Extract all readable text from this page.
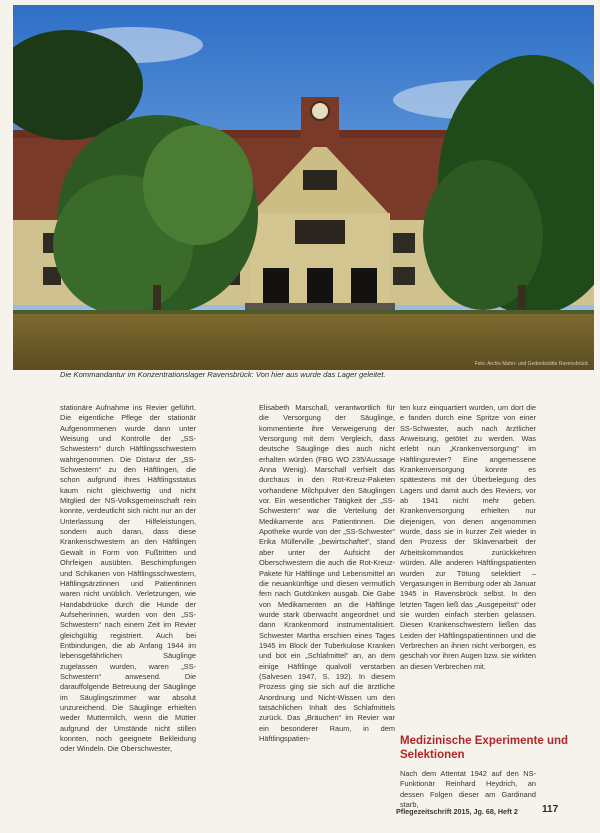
Foto: Archiv Mahn- und Gedenkstätte Ravensbrück
Die Kommandantur im Konzentrationslager Ravensbrück: Von hier aus wurde das Lager geleitet.

stationäre Aufnahme ins Revier geführt. Die eigentliche Pflege der stationär Aufgenommenen wurde dann unter Weisung und Kontrolle der „SS-Schwestern“ durch Häftlingsschwestern wahrgenommen. Die Distanz der „SS-Schwestern“ zu den Häftlingen, die schon aufgrund ihres Häftlingsstatus kaum nicht gleichwertig und nicht Mitglied der NS-Volksgemeinschaft rein konnte, verdeutlicht sich nicht nur an der Unterlassung der Hilfeleistungen, sondern auch daran, dass diese Krankenschwestern an den Häftlingen Gewalt in Form von Fußtritten und Ohrfeigen ausübten. Beschimpfungen und Schikanen von Häftlingsschwestern, Häftlingsärztinnen und Patientinnen waren nicht unüblich. Verletzungen, wie Handabdrücke durch die Hunde der Aufseherinnen, wurden von den „SS-Schwestern“ nach einem Zeit im Revier gleichgültig registriert. Auch bei Entbindungen, die ab Anfang 1944 im lebensgefährlichen Säuglinge zugelassen wurden, waren „SS-Schwestern“ anwesend. Die darauffolgende Betreuung der Säuglinge im Säuglingszimmer war absolut unzureichend. Die Säuglinge erhielten weder Muttermilch, wenn die Mütter aufgrund der Umstände nicht stillen konnten, noch geeignete Bekleidung oder Windeln. Die Oberschwester,

Elisabeth Marschall, verantwortlich für die Versorgung der Säuglinge, kommentierte ihre Verweigerung der Versorgung mit dem Vergleich, dass deutsche Säuglinge dies auch nicht erhalten würden (FBG WO 235/Aussage Anna Wenig). Marschall verhielt das durchaus in den Rot-Kreuz-Paketen vorhandene Milchpulver den Säuglingen vor. Ein wesentlicher Tätigkeit der „SS-Schwestern“ war die Verteilung der Medikamente ans Patientinnen. Die Apotheke wurde von der „SS-Schwester“ Erika Müllerville „bewirtschaftet“, stand aber unter der Aufsicht der Oberschwestern die auch die Rot-Kreuz-Pakete für Häftlinge und Lebensmittel an die neuankünftige und diesen vermutlich fern nach Gutdünken ausgab. Die Gabe von Medikamenten an die Häftlinge wurde stark überwacht angeordnet und dann Krankenmord instrumentalisiert. Schwester Martha erschien eines Tages 1945 im Block der Tuberkulose Kranken und bot ein „Schlafmittel“ an, an dem einige Häftlinge qualvoll verstarben (Salvesen 1947, S. 192). In diesem Prozess ging sie sich auf die ärztliche Anordnung und Nicht-Wissen um den tatsächlichen Inhalt des Schlafmittels zurück. Das „Bräuchen“ im Revier war ein besonderer Raum, in dem Häftlingspatien-

ten kurz einquartiert wurden, um dort die e fanden durch eine Spritze von einer SS-Schwester, auch nach ärztlicher Anweisung, getötet zu werden. Was erlebt nun „Krankenversorgung“ im Häftlingsrevier? Eine angemessene Krankenversorgung konnte es spätestens mit der Überbelegung des Lagers und damit auch des Reviers, vor ab 1941 nicht mehr geben. Krankenversorgung erhielten nur diejenigen, von denen angenommen wurde, dass sie in kurzer Zeit wieder in den Prozess der Sklavenarbeit der Arbeitskommandos zurückkehren würden. Alle anderen Häftlingspatienten wurden zur Tötung selektiert – Vergasungen in Bernburg oder ab Januar 1945 in Ravensbrück selbst. In den letzten Tagen ließ das „Ausgepeitst“ oder sie wurden einfach sterben gelassen. Diesen Krankenschwestern ließen das Leiden der Häftlingspatientinnen und die Verbrechen an ihnen nicht verborgen, es geschah vor ihren Augen bzw. sie wirkten an diesen Verbrechen mit.

Medizinische Experimente und Selektionen

Nach dem Attentat 1942 auf den NS-Funktionär Reinhard Heydrich, an dessen Folgen dieser am Gardinand starb,

Pflegezeitschrift 2015, Jg. 68, Heft 2 117
